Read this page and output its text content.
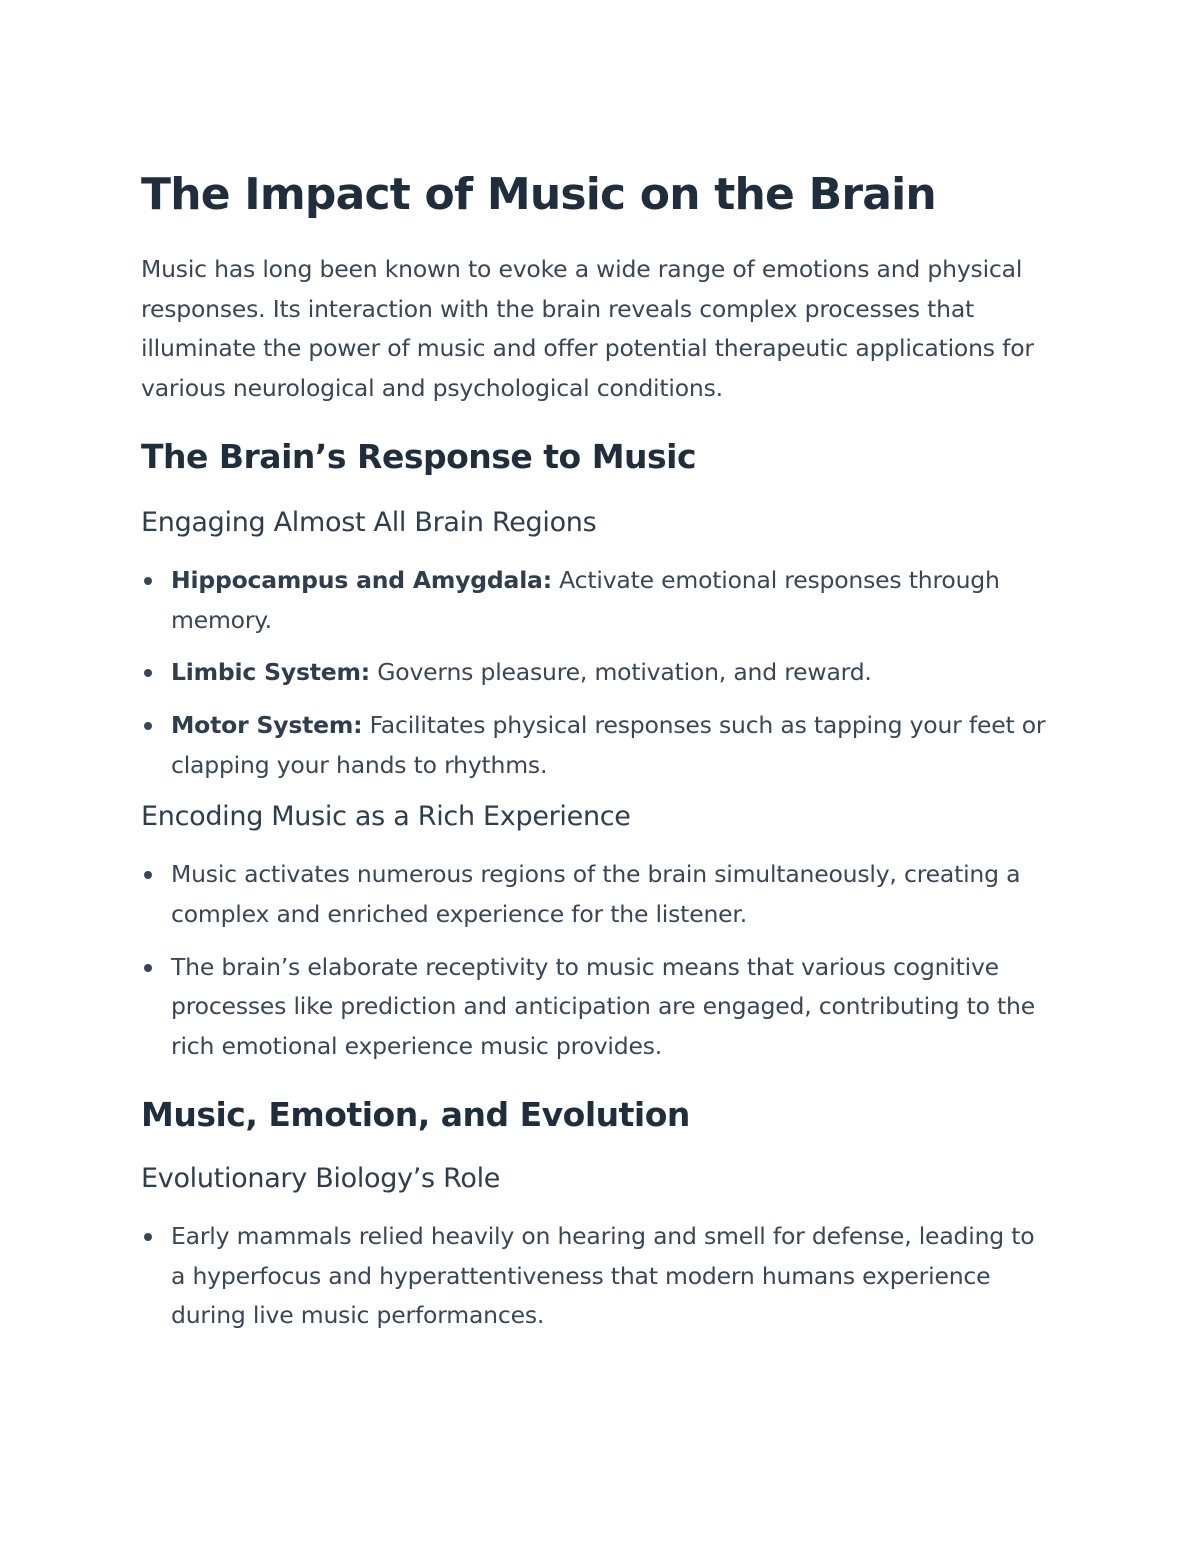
The Impact of Music on the Brain

Music has long been known to evoke a wide range of emotions and physical responses. Its interaction with the brain reveals complex processes that illuminate the power of music and offer potential therapeutic applications for various neurological and psychological conditions.

The Brain’s Response to Music
Engaging Almost All Brain Regions
Hippocampus and Amygdala: Activate emotional responses through memory.
Limbic System: Governs pleasure, motivation, and reward.
Motor System: Facilitates physical responses such as tapping your feet or clapping your hands to rhythms.
Encoding Music as a Rich Experience
Music activates numerous regions of the brain simultaneously, creating a complex and enriched experience for the listener.
The brain’s elaborate receptivity to music means that various cognitive processes like prediction and anticipation are engaged, contributing to the rich emotional experience music provides.
Music, Emotion, and Evolution
Evolutionary Biology’s Role
Early mammals relied heavily on hearing and smell for defense, leading to a hyperfocus and hyperattentiveness that modern humans experience during live music performances.
